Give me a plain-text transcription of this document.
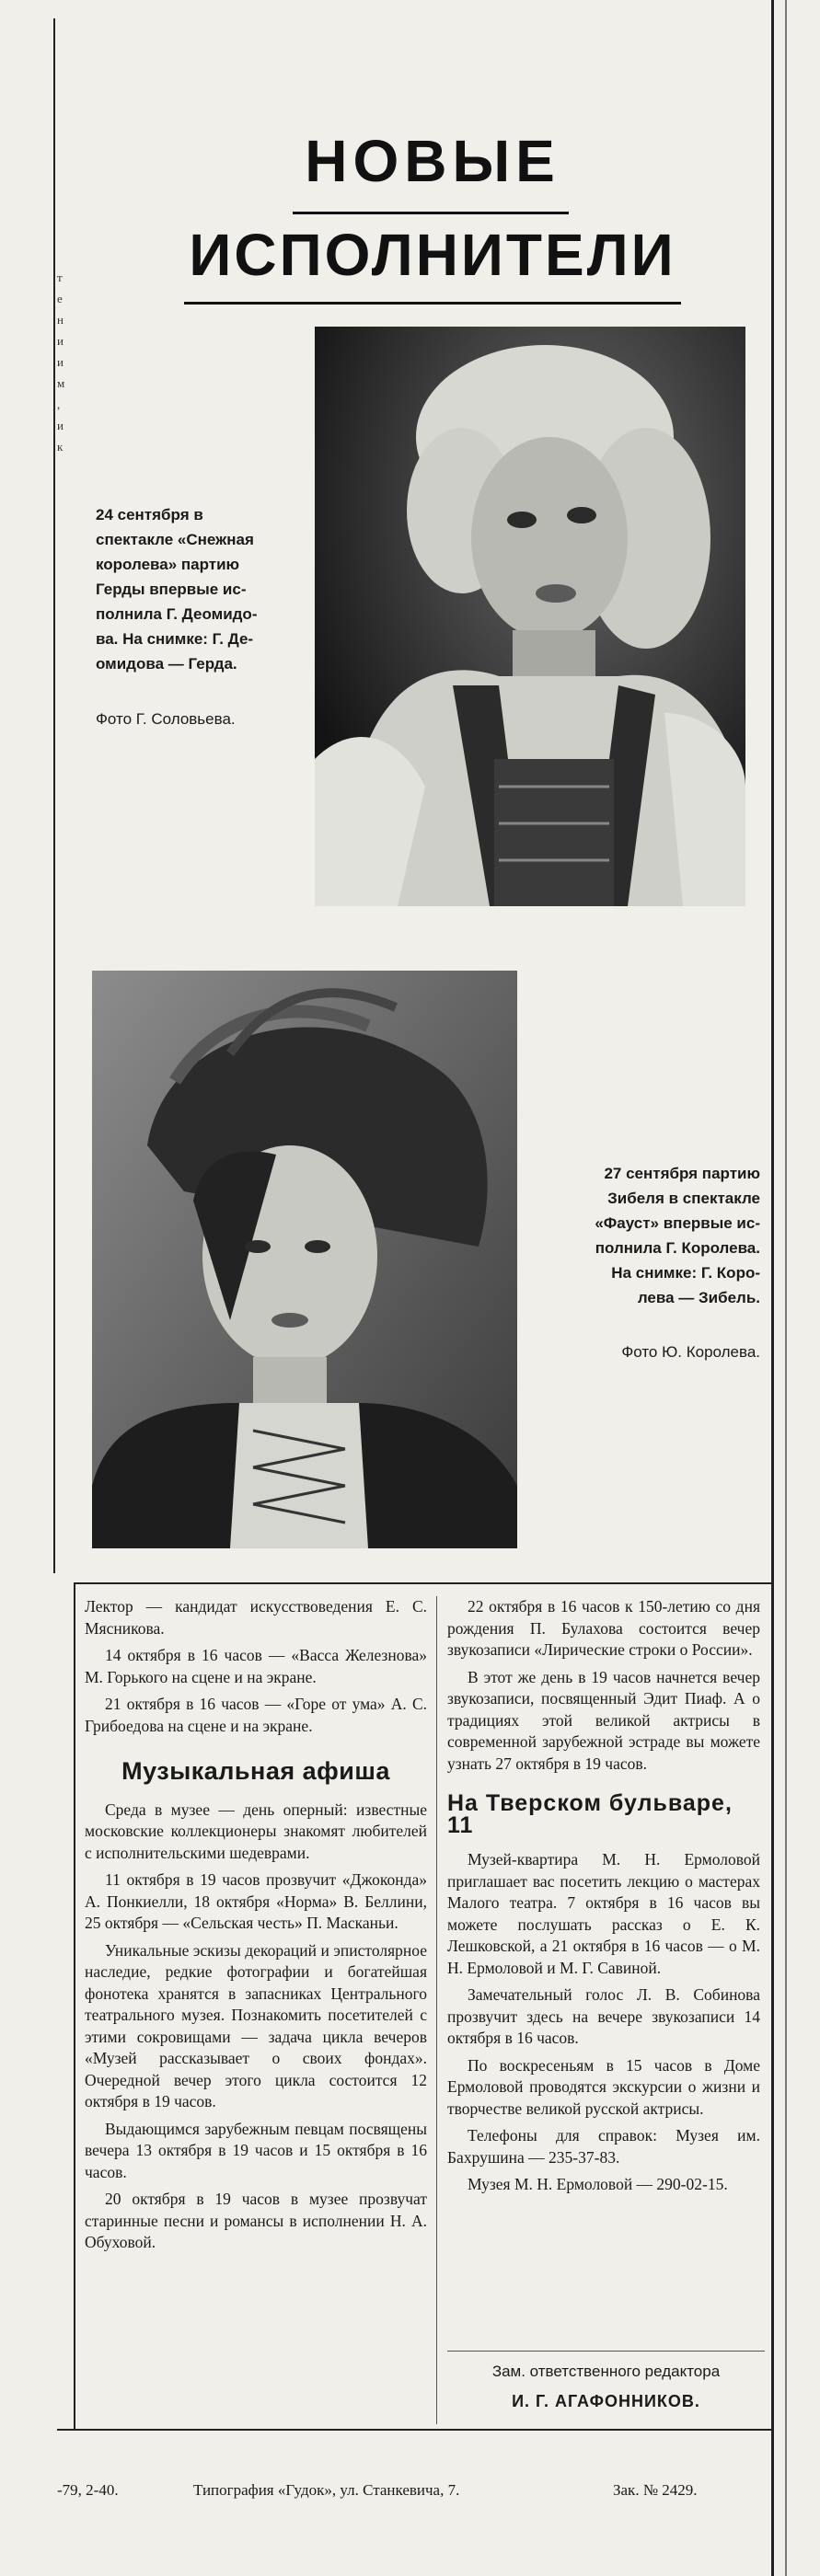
т
е
н
и
и
м
,
и
к
НОВЫЕ
ИСПОЛНИТЕЛИ
24 сентября в
спектакле «Снежная
королева» партию
Герды впервые ис-
полнила Г. Деомидо-
ва. На снимке: Г. Де-
омидова — Герда.
Фото Г. Соловьева.
27 сентября партию
Зибеля в спектакле
«Фауст» впервые ис-
полнила Г. Королева.
На снимке: Г. Коро-
лева — Зибель.
Фото Ю. Королева.

Лектор — кандидат искусствоведения Е. С. Мясникова.

14 октября в 16 часов — «Васса Железнова» М. Горького на сцене и на экране.

21 октября в 16 часов — «Горе от ума» А. С. Грибоедова на сцене и на экране.

Музыкальная афиша

Среда в музее — день оперный: известные московские коллекционеры знакомят любителей с исполнительскими шедеврами.

11 октября в 19 часов прозвучит «Джоконда» А. Понкиелли, 18 октября «Норма» В. Беллини, 25 октября — «Сельская честь» П. Масканьи.

Уникальные эскизы декораций и эпистолярное наследие, редкие фотографии и богатейшая фонотека хранятся в запасниках Центрального театрального музея. Познакомить посетителей с этими сокровищами — задача цикла вечеров «Музей рассказывает о своих фондах». Очередной вечер этого цикла состоится 12 октября в 19 часов.

Выдающимся зарубежным певцам посвящены вечера 13 октября в 19 часов и 15 октября в 16 часов.

20 октября в 19 часов в музее прозвучат старинные песни и романсы в исполнении Н. А. Обуховой.

22 октября в 16 часов к 150-летию со дня рождения П. Булахова состоится вечер звукозаписи «Лирические строки о России».

В этот же день в 19 часов начнется вечер звукозаписи, посвященный Эдит Пиаф. А о традициях этой великой актрисы в современной зарубежной эстраде вы можете узнать 27 октября в 19 часов.

На Тверском бульваре, 11

Музей-квартира М. Н. Ермоловой приглашает вас посетить лекцию о мастерах Малого театра. 7 октября в 16 часов вы можете послушать рассказ о Е. К. Лешковской, а 21 октября в 16 часов — о М. Н. Ермоловой и М. Г. Савиной.

Замечательный голос Л. В. Собинова прозвучит здесь на вечере звукозаписи 14 октября в 16 часов.

По воскресеньям в 15 часов в Доме Ермоловой проводятся экскурсии о жизни и творчестве великой русской актрисы.

Телефоны для справок: Музея им. Бахрушина — 235-37-83.

Музея М. Н. Ермоловой — 290-02-15.

Зам. ответственного редактора
И. Г. АГАФОННИКОВ.
-79, 2-40.	Типография «Гудок», ул. Станкевича, 7.	Зак. № 2429.
